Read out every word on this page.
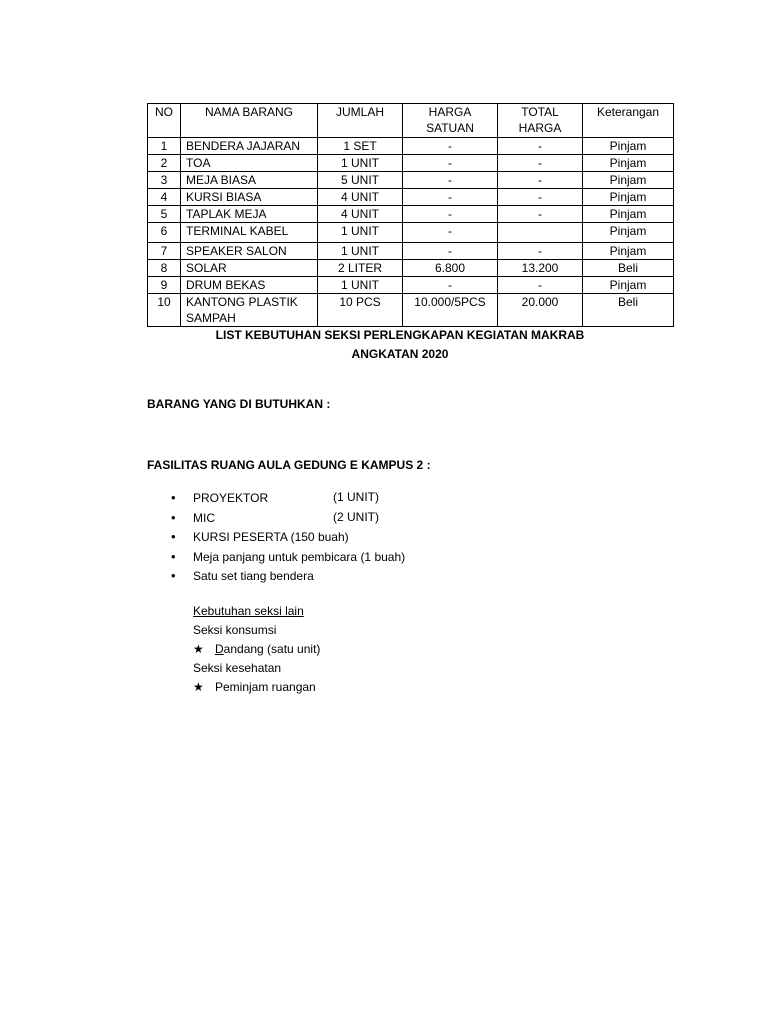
NO	NAMA BARANG	JUMLAH	HARGA SATUAN	TOTAL HARGA	Keterangan
1	BENDERA JAJARAN	1 SET	-	-	Pinjam
2	TOA	1 UNIT	-	-	Pinjam
3	MEJA BIASA	5 UNIT	-	-	Pinjam
4	KURSI BIASA	4 UNIT	-	-	Pinjam
5	TAPLAK MEJA	4 UNIT	-	-	Pinjam
6	TERMINAL KABEL	1 UNIT	-		Pinjam
7	SPEAKER SALON	1 UNIT	-	-	Pinjam
8	SOLAR	2 LITER	6.800	13.200	Beli
9	DRUM BEKAS	1 UNIT	-	-	Pinjam
10	KANTONG PLASTIK SAMPAH	10 PCS	10.000/5PCS	20.000	Beli
LIST KEBUTUHAN SEKSI PERLENGKAPAN KEGIATAN MAKRAB
ANGKATAN 2020
BARANG YANG DI BUTUHKAN :
FASILITAS RUANG AULA GEDUNG E KAMPUS 2 :
• PROYEKTOR	(1 UNIT)
• MIC	(2 UNIT)
• KURSI PESERTA (150 buah)
• Meja panjang untuk pembicara (1 buah)
• Satu set tiang bendera
Kebutuhan seksi lain
Seksi konsumsi
★ Dandang (satu unit)
Seksi kesehatan
★ Peminjam ruangan
